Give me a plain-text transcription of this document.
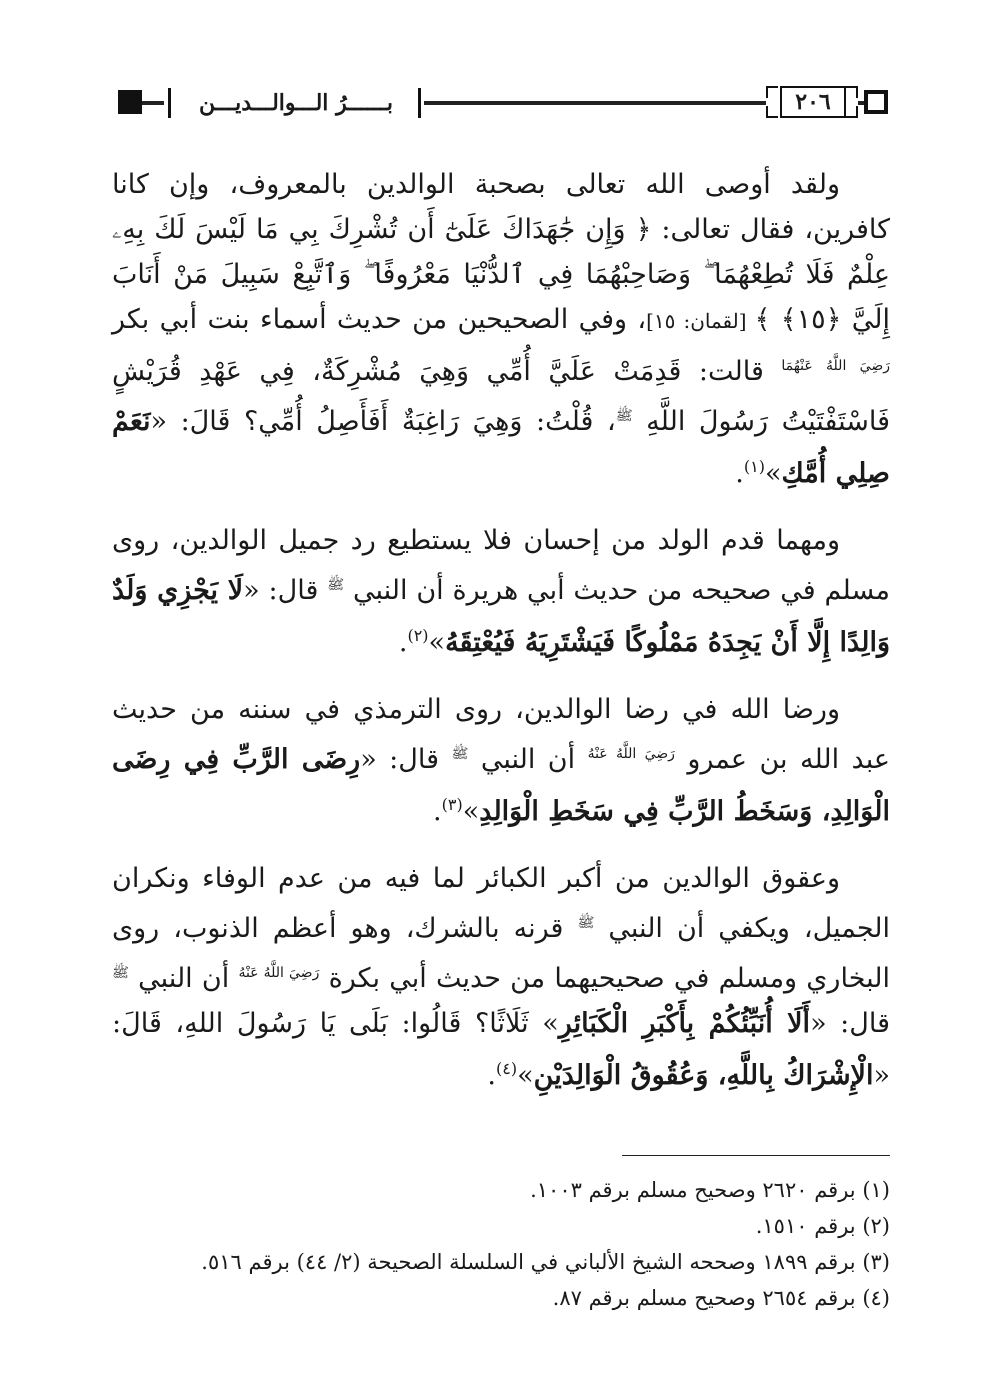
بــــــرُ الـــوالـــديـــن	٢٠٦

ولقد أوصى الله تعالى بصحبة الوالدين بالمعروف، وإن كانا كافرين، فقال تعالى: ﴿ وَإِن جَٰهَدَاكَ عَلَىٰٓ أَن تُشْرِكَ بِي مَا لَيْسَ لَكَ بِهِۦ عِلْمٌ فَلَا تُطِعْهُمَا ۖ وَصَاحِبْهُمَا فِي ٱلدُّنْيَا مَعْرُوفًا ۖ وَٱتَّبِعْ سَبِيلَ مَنْ أَنَابَ إِلَيَّ ﴿١٥﴾ ﴾ [لقمان: ١٥]، وفي الصحيحين من حديث أسماء بنت أبي بكر $^{رَضِيَ اللَّهُ عَنْهُمَا}$ قالت: قَدِمَتْ عَلَيَّ أُمِّي وَهِيَ مُشْرِكَةٌ، فِي عَهْدِ قُرَيْشٍ فَاسْتَفْتَيْتُ رَسُولَ اللَّهِ $^ﷺ$، قُلْتُ: وَهِيَ رَاغِبَةٌ أَفَأَصِلُ أُمِّي؟ قَالَ: «نَعَمْ صِلِي أُمَّكِ»$^{(١)}$.

ومهما قدم الولد من إحسان فلا يستطيع رد جميل الوالدين، روى مسلم في صحيحه من حديث أبي هريرة أن النبي $^ﷺ$ قال: «لَا يَجْزِي وَلَدٌ وَالِدًا إِلَّا أَنْ يَجِدَهُ مَمْلُوكًا فَيَشْتَرِيَهُ فَيُعْتِقَهُ»$^{(٢)}$.

ورضا الله في رضا الوالدين، روى الترمذي في سننه من حديث عبد الله بن عمرو $^{رَضِيَ اللَّهُ عَنْهُ}$ أن النبي $^ﷺ$ قال: «رِضَى الرَّبِّ فِي رِضَى الْوَالِدِ، وَسَخَطُ الرَّبِّ فِي سَخَطِ الْوَالِدِ»$^{(٣)}$.

وعقوق الوالدين من أكبر الكبائر لما فيه من عدم الوفاء ونكران الجميل، ويكفي أن النبي $^ﷺ$ قرنه بالشرك، وهو أعظم الذنوب، روى البخاري ومسلم في صحيحيهما من حديث أبي بكرة $^{رَضِيَ اللَّهُ عَنْهُ}$ أن النبي $^ﷺ$ قال: «أَلَا أُنَبِّئُكُمْ بِأَكْبَرِ الْكَبَائِرِ» ثَلَاثًا؟ قَالُوا: بَلَى يَا رَسُولَ اللهِ، قَالَ: «الْإِشْرَاكُ بِاللَّهِ، وَعُقُوقُ الْوَالِدَيْنِ»$^{(٤)}$.

(١) برقم ٢٦٢٠ وصحيح مسلم برقم ١٠٠٣.

(٢) برقم ١٥١٠.

(٣) برقم ١٨٩٩ وصححه الشيخ الألباني في السلسلة الصحيحة (٢/ ٤٤) برقم ٥١٦.

(٤) برقم ٢٦٥٤ وصحيح مسلم برقم ٨٧.
